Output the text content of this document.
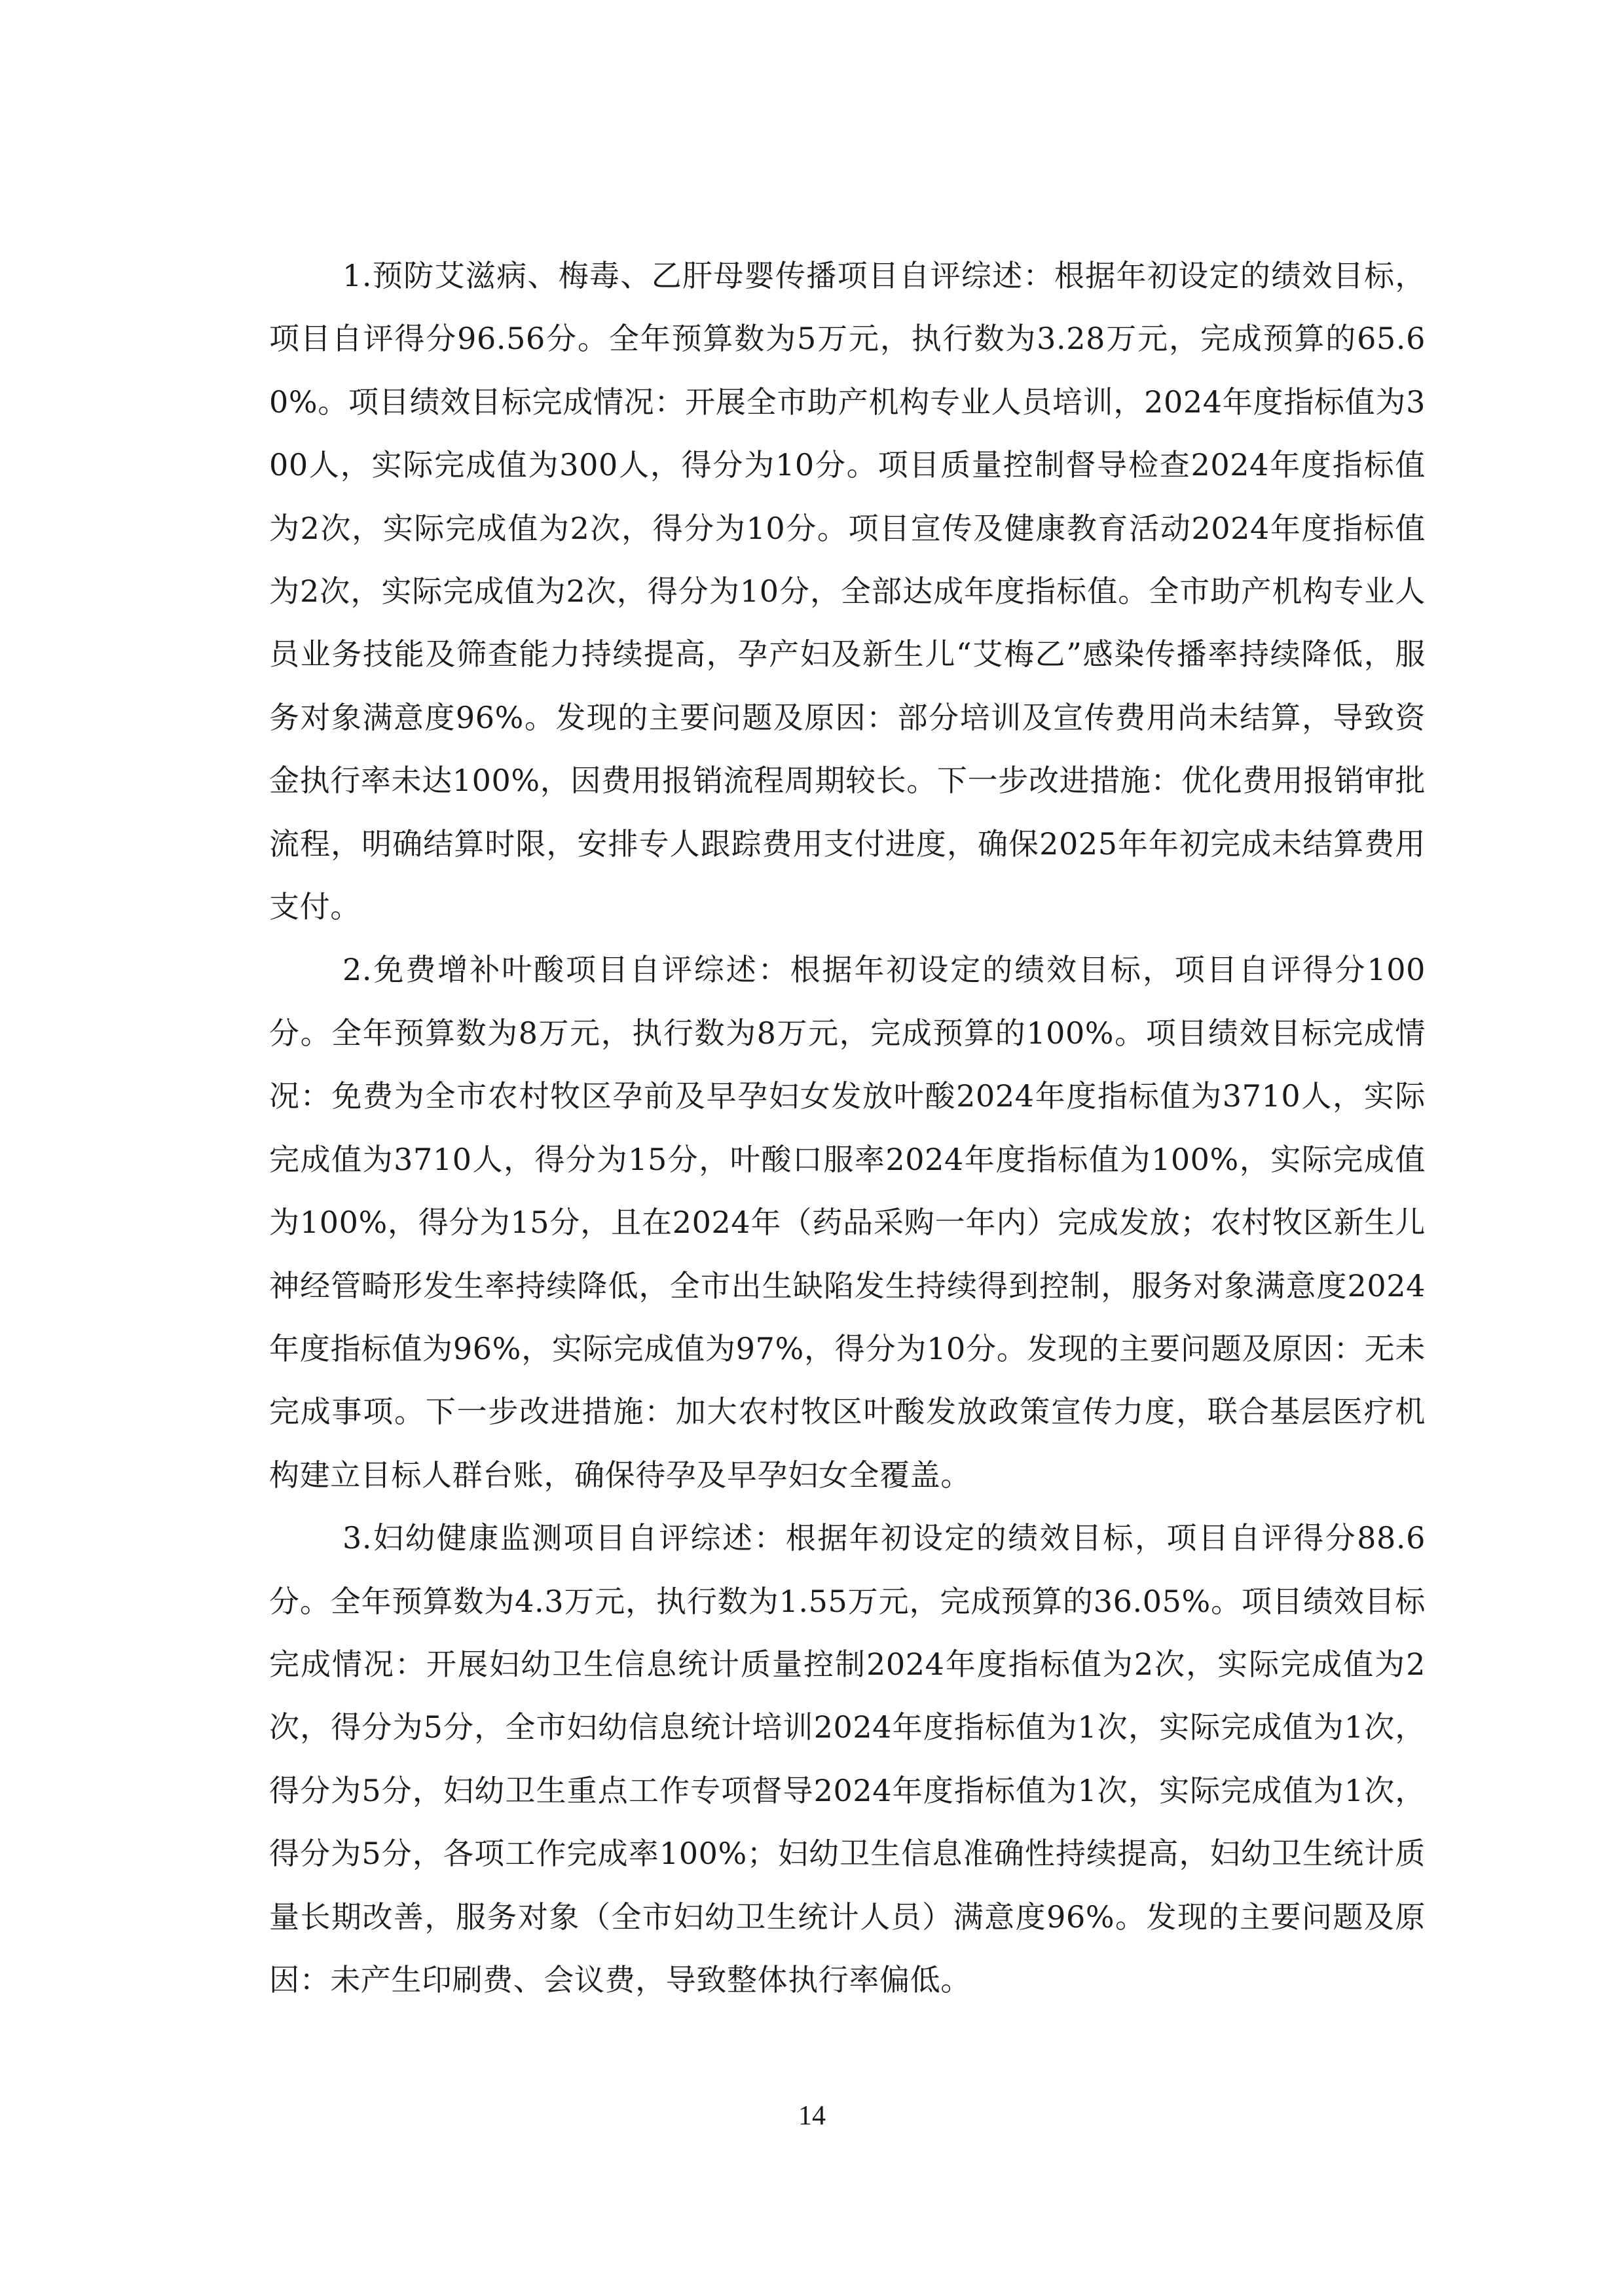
1.预防艾滋病、梅毒、乙肝母婴传播项目自评综述：根据年初设定的绩效目标，项目自评得分96.56分。全年预算数为5万元，执行数为3.28万元，完成预算的65.60%。项目绩效目标完成情况：开展全市助产机构专业人员培训，2024年度指标值为300人，实际完成值为300人，得分为10分。项目质量控制督导检查2024年度指标值为2次，实际完成值为2次，得分为10分。项目宣传及健康教育活动2024年度指标值为2次，实际完成值为2次，得分为10分，全部达成年度指标值。全市助产机构专业人员业务技能及筛查能力持续提高，孕产妇及新生儿“艾梅乙”感染传播率持续降低，服务对象满意度96%。发现的主要问题及原因：部分培训及宣传费用尚未结算，导致资金执行率未达100%，因费用报销流程周期较长。下一步改进措施：优化费用报销审批流程，明确结算时限，安排专人跟踪费用支付进度，确保2025年年初完成未结算费用支付。

2.免费增补叶酸项目自评综述：根据年初设定的绩效目标，项目自评得分100分。全年预算数为8万元，执行数为8万元，完成预算的100%。项目绩效目标完成情况：免费为全市农村牧区孕前及早孕妇女发放叶酸2024年度指标值为3710人，实际完成值为3710人，得分为15分，叶酸口服率2024年度指标值为100%，实际完成值为100%，得分为15分，且在2024年（药品采购一年内）完成发放；农村牧区新生儿神经管畸形发生率持续降低，全市出生缺陷发生持续得到控制，服务对象满意度2024年度指标值为96%，实际完成值为97%，得分为10分。发现的主要问题及原因：无未完成事项。下一步改进措施：加大农村牧区叶酸发放政策宣传力度，联合基层医疗机构建立目标人群台账，确保待孕及早孕妇女全覆盖。

3.妇幼健康监测项目自评综述：根据年初设定的绩效目标，项目自评得分88.6分。全年预算数为4.3万元，执行数为1.55万元，完成预算的36.05%。项目绩效目标完成情况：开展妇幼卫生信息统计质量控制2024年度指标值为2次，实际完成值为2次，得分为5分，全市妇幼信息统计培训2024年度指标值为1次，实际完成值为1次，得分为5分，妇幼卫生重点工作专项督导2024年度指标值为1次，实际完成值为1次，得分为5分，各项工作完成率100%；妇幼卫生信息准确性持续提高，妇幼卫生统计质量长期改善，服务对象（全市妇幼卫生统计人员）满意度96%。发现的主要问题及原因：未产生印刷费、会议费，导致整体执行率偏低。

14
